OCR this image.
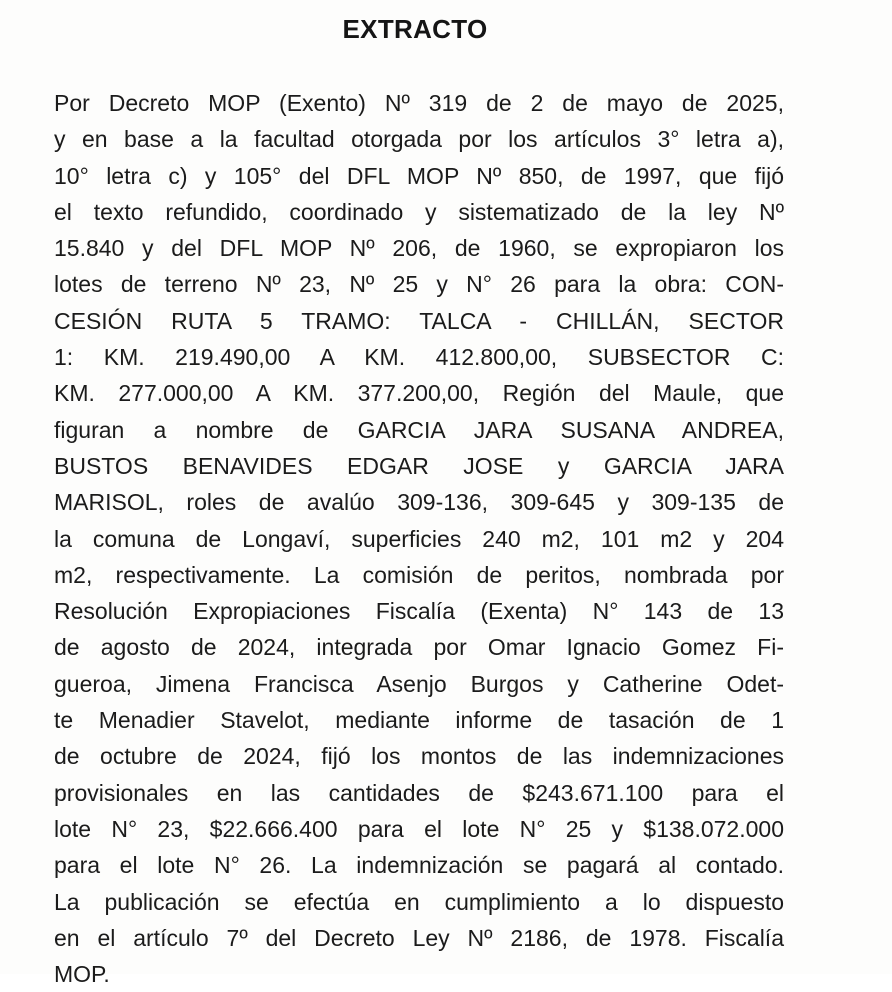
EXTRACTO
Por Decreto MOP (Exento) Nº 319 de 2 de mayo de 2025,
y en base a la facultad otorgada por los artículos 3° letra a),
10° letra c) y 105° del DFL MOP Nº 850, de 1997, que fijó
el texto refundido, coordinado y sistematizado de la ley Nº
15.840 y del DFL MOP Nº 206, de 1960, se expropiaron los
lotes de terreno Nº 23, Nº 25 y N° 26 para la obra: CON-
CESIÓN RUTA 5 TRAMO: TALCA - CHILLÁN, SECTOR
1: KM. 219.490,00 A KM. 412.800,00, SUBSECTOR C:
KM. 277.000,00 A KM. 377.200,00, Región del Maule, que
figuran a nombre de GARCIA JARA SUSANA ANDREA,
BUSTOS BENAVIDES EDGAR JOSE y GARCIA JARA
MARISOL, roles de avalúo 309-136, 309-645 y 309-135 de
la comuna de Longaví, superficies 240 m2, 101 m2 y 204
m2, respectivamente. La comisión de peritos, nombrada por
Resolución Expropiaciones Fiscalía (Exenta) N° 143 de 13
de agosto de 2024, integrada por Omar Ignacio Gomez Fi-
gueroa, Jimena Francisca Asenjo Burgos y Catherine Odet-
te Menadier Stavelot, mediante informe de tasación de 1
de octubre de 2024, fijó los montos de las indemnizaciones
provisionales en las cantidades de $243.671.100 para el
lote N° 23, $22.666.400 para el lote N° 25 y $138.072.000
para el lote N° 26. La indemnización se pagará al contado.
La publicación se efectúa en cumplimiento a lo dispuesto
en el artículo 7º del Decreto Ley Nº 2186, de 1978. Fiscalía
MOP.
